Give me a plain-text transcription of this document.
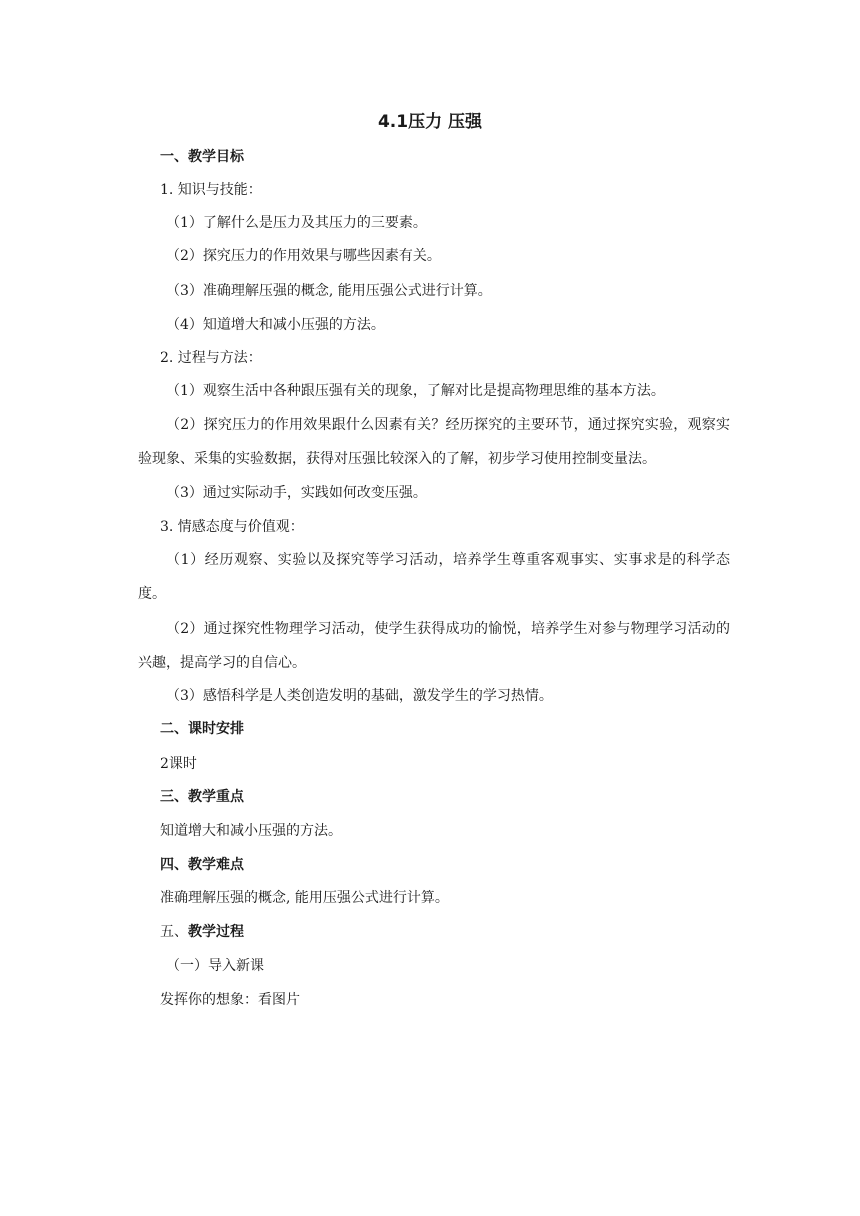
4.1压力 压强
一、教学目标
1. 知识与技能：
（1）了解什么是压力及其压力的三要素。
（2）探究压力的作用效果与哪些因素有关。
（3）准确理解压强的概念, 能用压强公式进行计算。
（4）知道增大和减小压强的方法。
2. 过程与方法：
（1）观察生活中各种跟压强有关的现象，了解对比是提高物理思维的基本方法。
（2）探究压力的作用效果跟什么因素有关？经历探究的主要环节，通过探究实验，观察实验现象、采集的实验数据，获得对压强比较深入的了解，初步学习使用控制变量法。
（3）通过实际动手，实践如何改变压强。
3. 情感态度与价值观：
（1）经历观察、实验以及探究等学习活动，培养学生尊重客观事实、实事求是的科学态度。
（2）通过探究性物理学习活动，使学生获得成功的愉悦，培养学生对参与物理学习活动的兴趣，提高学习的自信心。
（3）感悟科学是人类创造发明的基础，激发学生的学习热情。
二、课时安排
2课时
三、教学重点
知道增大和减小压强的方法。
四、教学难点
准确理解压强的概念, 能用压强公式进行计算。
五、教学过程
（一）导入新课
发挥你的想象：看图片
